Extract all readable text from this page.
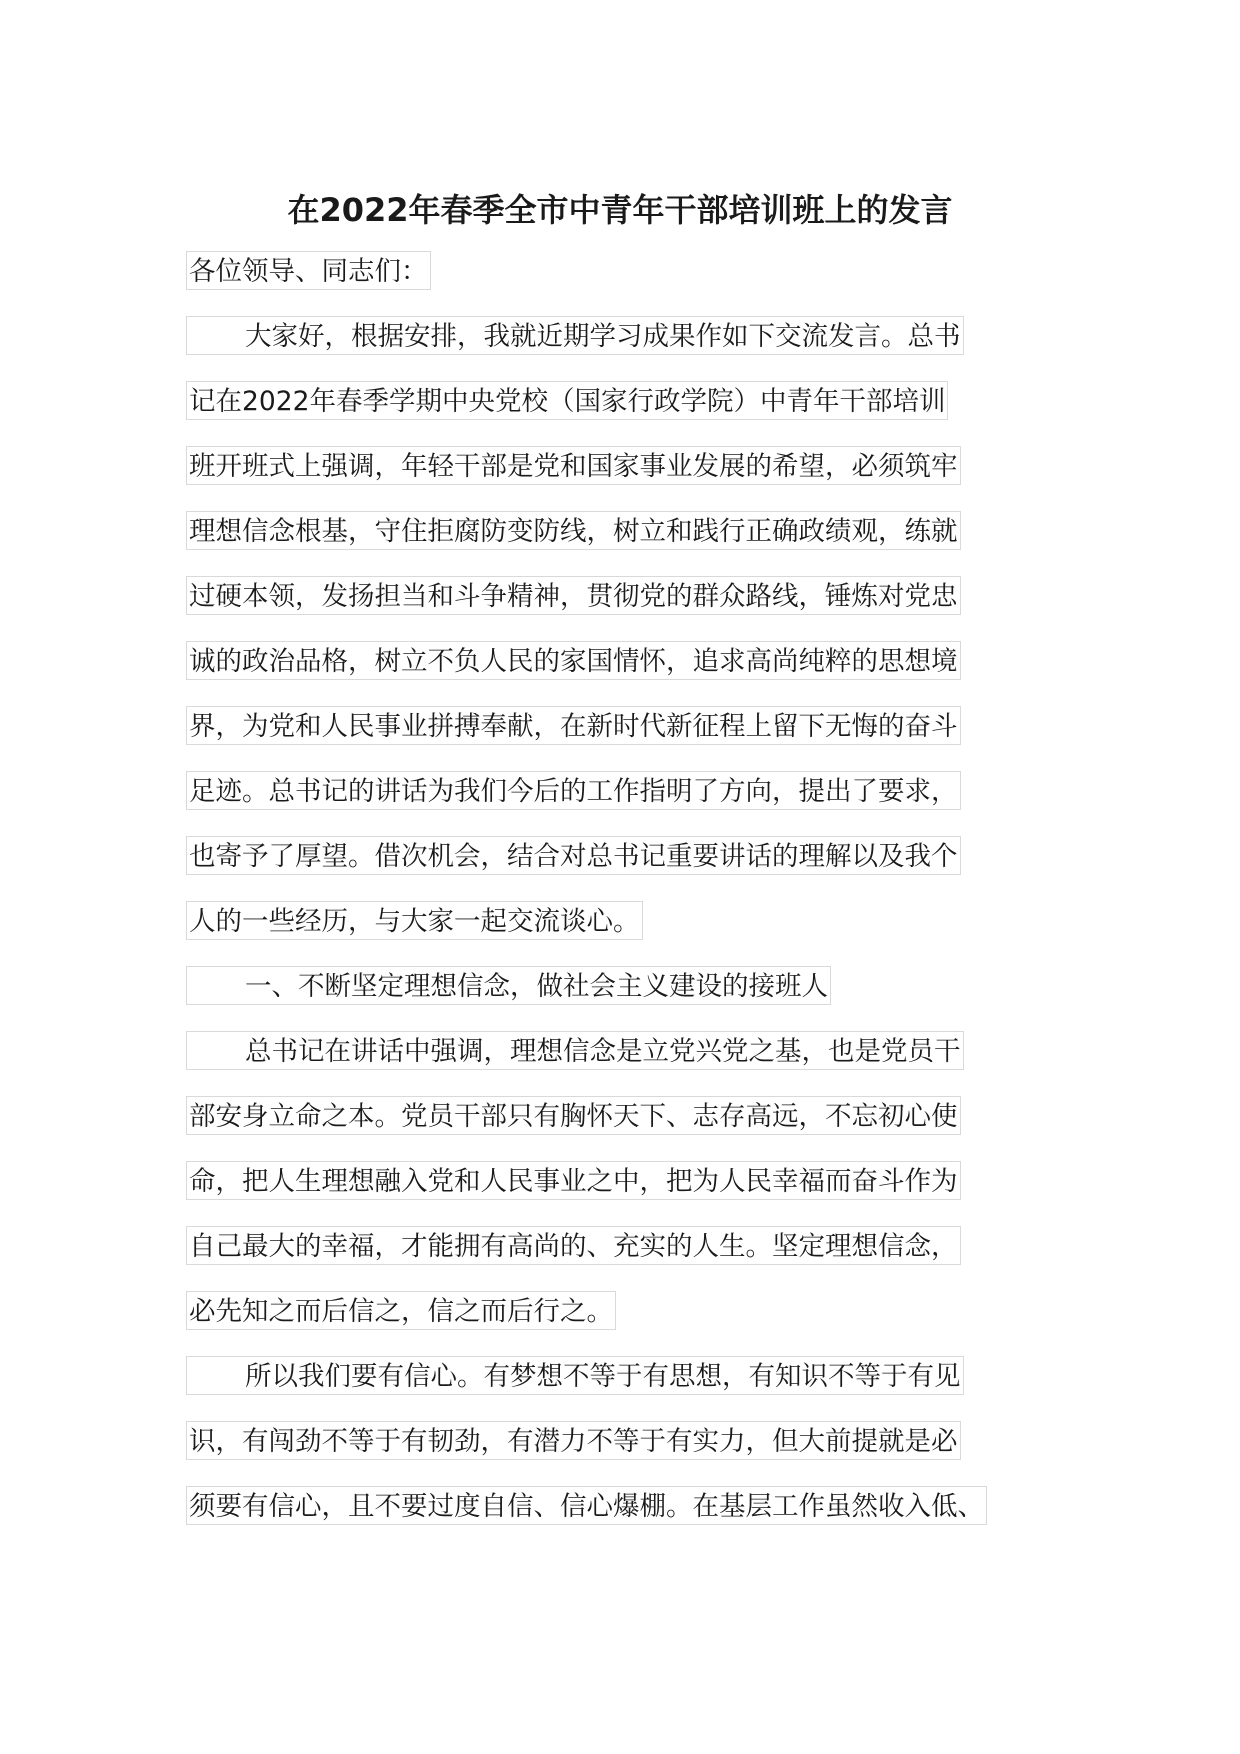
在2022年春季全市中青年干部培训班上的发言
各位领导、同志们：
大家好，根据安排，我就近期学习成果作如下交流发言。总书
记在2022年春季学期中央党校（国家行政学院）中青年干部培训
班开班式上强调，年轻干部是党和国家事业发展的希望，必须筑牢
理想信念根基，守住拒腐防变防线，树立和践行正确政绩观，练就
过硬本领，发扬担当和斗争精神，贯彻党的群众路线，锤炼对党忠
诚的政治品格，树立不负人民的家国情怀，追求高尚纯粹的思想境
界，为党和人民事业拼搏奉献，在新时代新征程上留下无悔的奋斗
足迹。总书记的讲话为我们今后的工作指明了方向，提出了要求，
也寄予了厚望。借次机会，结合对总书记重要讲话的理解以及我个
人的一些经历，与大家一起交流谈心。
一、不断坚定理想信念，做社会主义建设的接班人
总书记在讲话中强调，理想信念是立党兴党之基，也是党员干
部安身立命之本。党员干部只有胸怀天下、志存高远，不忘初心使
命，把人生理想融入党和人民事业之中，把为人民幸福而奋斗作为
自己最大的幸福，才能拥有高尚的、充实的人生。坚定理想信念，
必先知之而后信之，信之而后行之。
所以我们要有信心。有梦想不等于有思想，有知识不等于有见
识，有闯劲不等于有韧劲，有潜力不等于有实力，但大前提就是必
须要有信心，且不要过度自信、信心爆棚。在基层工作虽然收入低、
